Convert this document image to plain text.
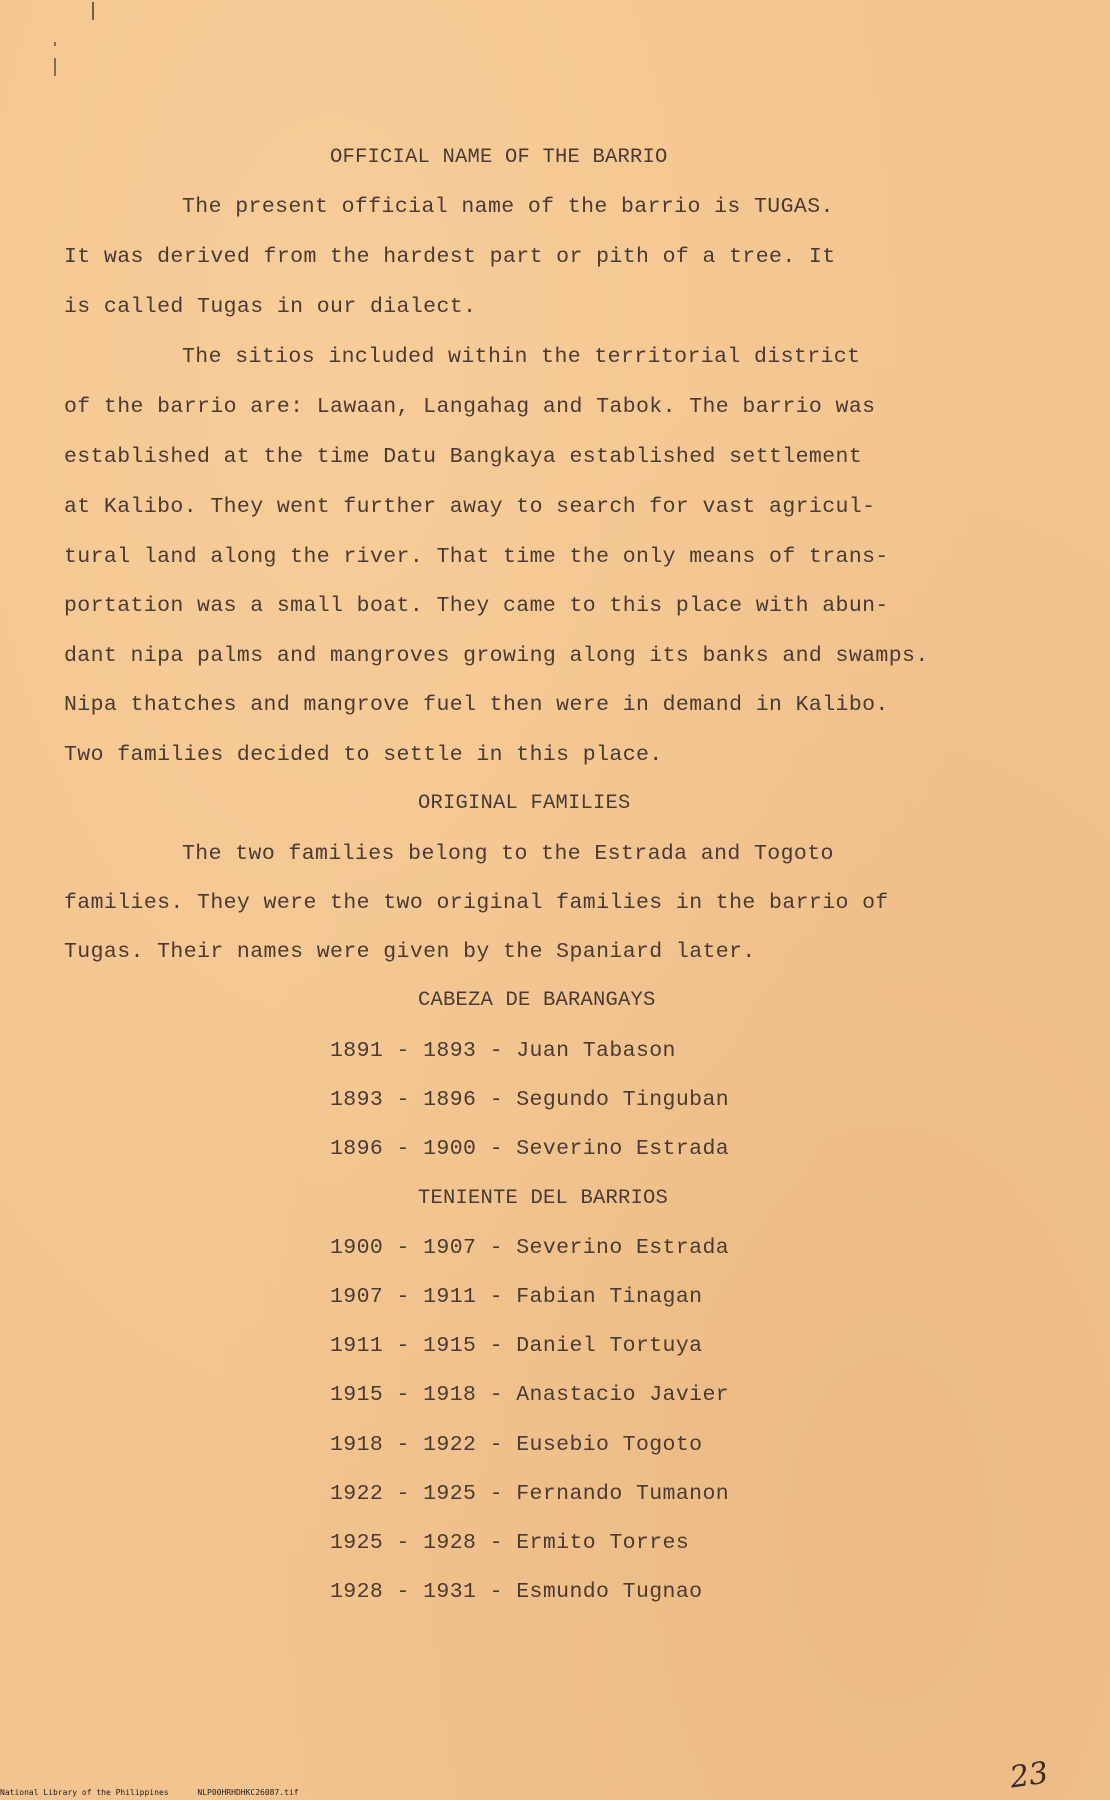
OFFICIAL NAME OF THE BARRIO
The present official name of the barrio is TUGAS.
It was derived from the hardest part or pith of a tree. It
is called Tugas in our dialect.
The sitios included within the territorial district
of the barrio are: Lawaan, Langahag and Tabok. The barrio was
established at the time Datu Bangkaya established settlement
at Kalibo. They went further away to search for vast agricul-
tural land along the river. That time the only means of trans-
portation was a small boat. They came to this place with abun-
dant nipa palms and mangroves growing along its banks and swamps.
Nipa thatches and mangrove fuel then were in demand in Kalibo.
Two families decided to settle in this place.
ORIGINAL FAMILIES
The two families belong to the Estrada and Togoto
families. They were the two original families in the barrio of
Tugas. Their names were given by the Spaniard later.
CABEZA DE BARANGAYS
1891 - 1893 - Juan Tabason
1893 - 1896 - Segundo Tinguban
1896 - 1900 - Severino Estrada
TENIENTE DEL BARRIOS
1900 - 1907 - Severino Estrada
1907 - 1911 - Fabian Tinagan
1911 - 1915 - Daniel Tortuya
1915 - 1918 - Anastacio Javier
1918 - 1922 - Eusebio Togoto
1922 - 1925 - Fernando Tumanon
1925 - 1928 - Ermito Torres
1928 - 1931 - Esmundo Tugnao
23
National Library of the Philippines	NLP00HRHDHKC26087.tif
